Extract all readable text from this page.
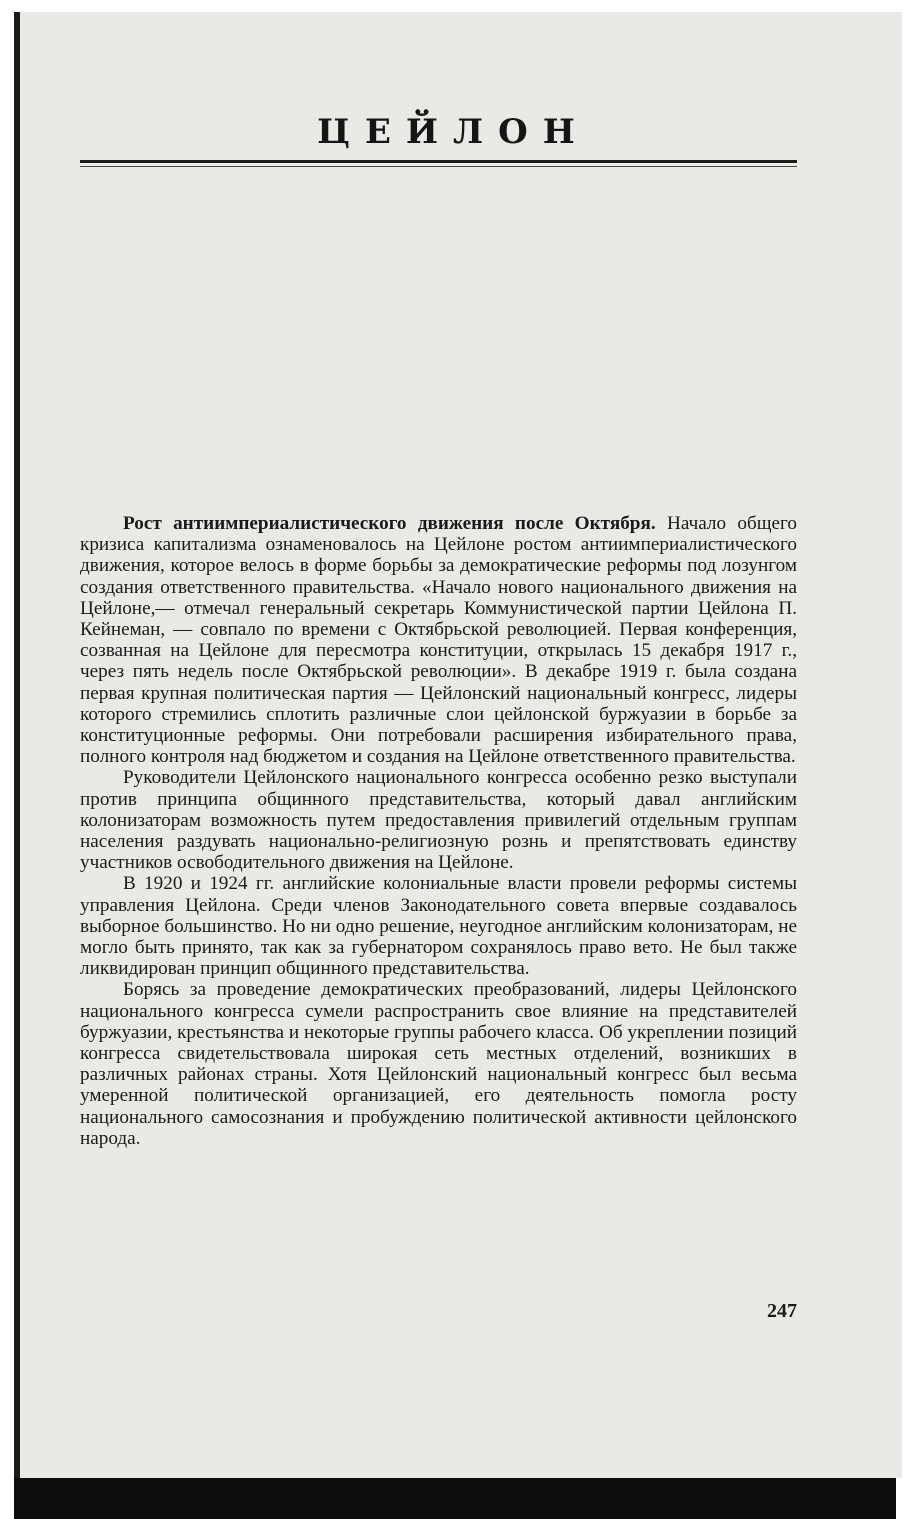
ЦЕЙЛОН

Рост антиимпериалистического движения после Октября. Начало общего кризиса капитализма ознаменовалось на Цейлоне ростом антиимпериалистического движения, которое велось в форме борьбы за демократические реформы под лозунгом создания ответственного правительства. «Начало нового национального движения на Цейлоне,— отмечал генеральный секретарь Коммунистической партии Цейлона П. Кейнеман, — совпало по времени с Октябрьской революцией. Первая конференция, созванная на Цейлоне для пересмотра конституции, открылась 15 декабря 1917 г., через пять недель после Октябрьской революции». В декабре 1919 г. была создана первая крупная политическая партия — Цейлонский национальный конгресс, лидеры которого стремились сплотить различные слои цейлонской буржуазии в борьбе за конституционные реформы. Они потребовали расширения избирательного права, полного контроля над бюджетом и создания на Цейлоне ответственного правительства.

Руководители Цейлонского национального конгресса особенно резко выступали против принципа общинного представительства, который давал английским колонизаторам возможность путем предоставления привилегий отдельным группам населения раздувать национально-религиозную рознь и препятствовать единству участников освободительного движения на Цейлоне.

В 1920 и 1924 гг. английские колониальные власти провели реформы системы управления Цейлона. Среди членов Законодательного совета впервые создавалось выборное большинство. Но ни одно решение, неугодное английским колонизаторам, не могло быть принято, так как за губернатором сохранялось право вето. Не был также ликвидирован принцип общинного представительства.

Борясь за проведение демократических преобразований, лидеры Цейлонского национального конгресса сумели распространить свое влияние на представителей буржуазии, крестьянства и некоторые группы рабочего класса. Об укреплении позиций конгресса свидетельствовала широкая сеть местных отделений, возникших в различных районах страны. Хотя Цейлонский национальный конгресс был весьма умеренной политической организацией, его деятельность помогла росту национального самосознания и пробуждению политической активности цейлонского народа.

247
